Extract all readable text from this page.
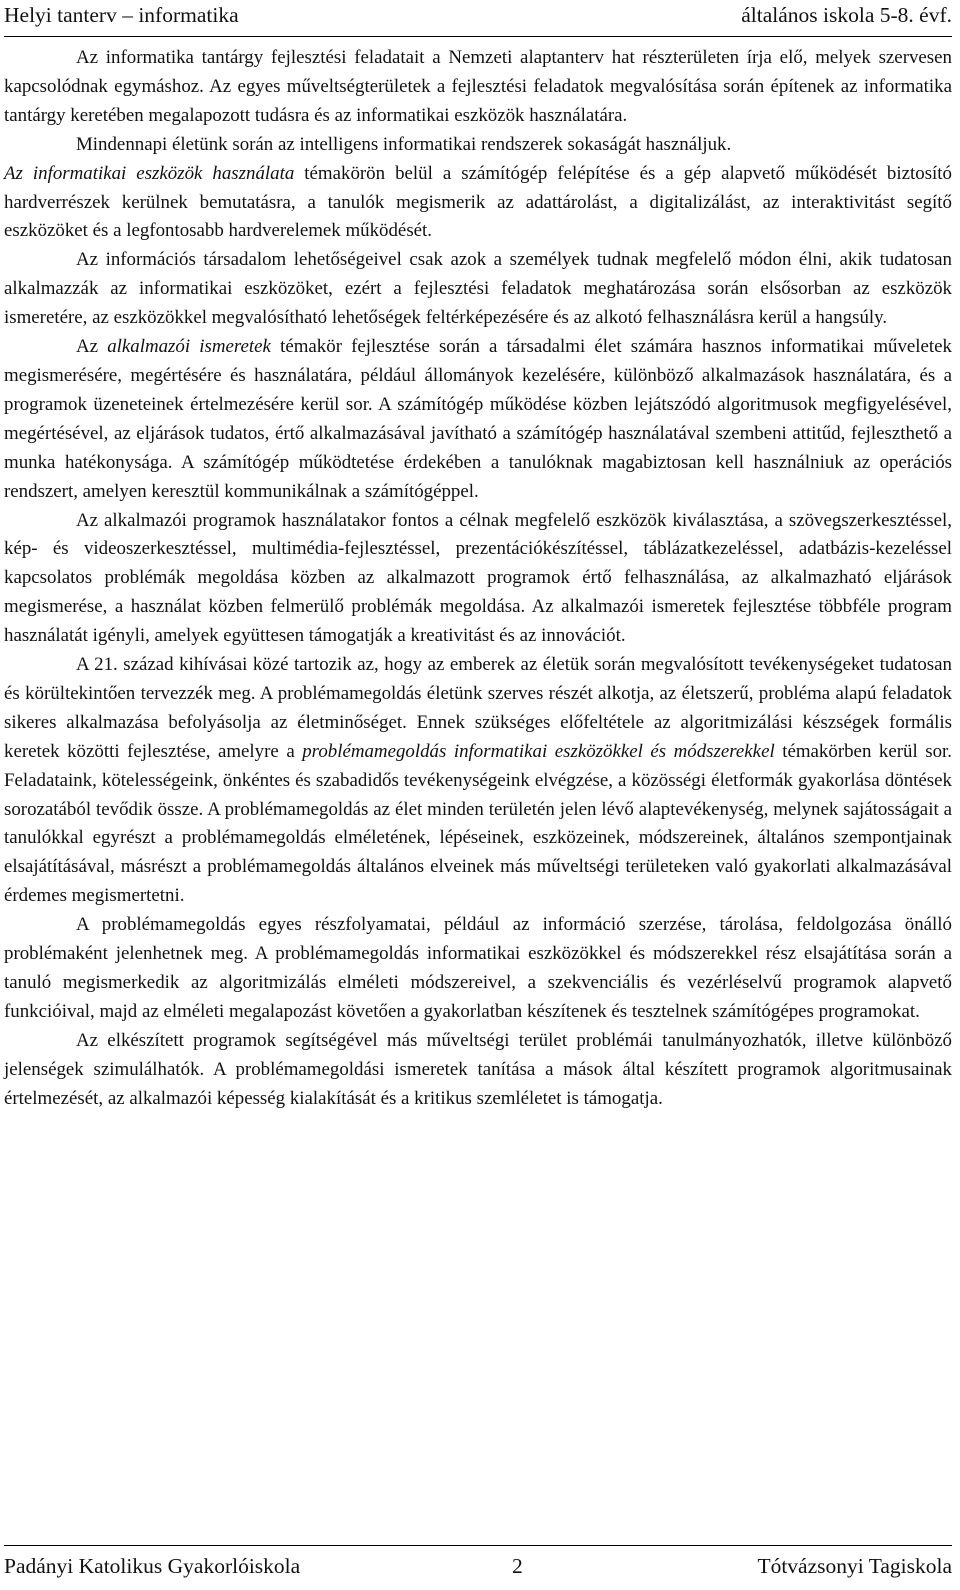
Helyi tanterv – informatika	általános iskola 5-8. évf.

Az informatika tantárgy fejlesztési feladatait a Nemzeti alaptanterv hat részterületen írja elő, melyek szervesen kapcsolódnak egymáshoz. Az egyes műveltségterületek a fejlesztési feladatok megvalósítása során építenek az informatika tantárgy keretében megalapozott tudásra és az informatikai eszközök használatára.

Mindennapi életünk során az intelligens informatikai rendszerek sokaságát használjuk.

Az informatikai eszközök használata témakörön belül a számítógép felépítése és a gép alapvető működését biztosító hardverrészek kerülnek bemutatásra, a tanulók megismerik az adattárolást, a digitalizálást, az interaktivitást segítő eszközöket és a legfontosabb hardverelemek működését.

Az információs társadalom lehetőségeivel csak azok a személyek tudnak megfelelő módon élni, akik tudatosan alkalmazzák az informatikai eszközöket, ezért a fejlesztési feladatok meghatározása során elsősorban az eszközök ismeretére, az eszközökkel megvalósítható lehetőségek feltérképezésére és az alkotó felhasználásra kerül a hangsúly.

Az alkalmazói ismeretek témakör fejlesztése során a társadalmi élet számára hasznos informatikai műveletek megismerésére, megértésére és használatára, például állományok kezelésére, különböző alkalmazások használatára, és a programok üzeneteinek értelmezésére kerül sor. A számítógép működése közben lejátszódó algoritmusok megfigyelésével, megértésével, az eljárások tudatos, értő alkalmazásával javítható a számítógép használatával szembeni attitűd, fejleszthető a munka hatékonysága. A számítógép működtetése érdekében a tanulóknak magabiztosan kell használniuk az operációs rendszert, amelyen keresztül kommunikálnak a számítógéppel.

Az alkalmazói programok használatakor fontos a célnak megfelelő eszközök kiválasztása, a szövegszerkesztéssel, kép- és videoszerkesztéssel, multimédia-fejlesztéssel, prezentációkészítéssel, táblázatkezeléssel, adatbázis-kezeléssel kapcsolatos problémák megoldása közben az alkalmazott programok értő felhasználása, az alkalmazható eljárások megismerése, a használat közben felmerülő problémák megoldása. Az alkalmazói ismeretek fejlesztése többféle program használatát igényli, amelyek együttesen támogatják a kreativitást és az innovációt.

A 21. század kihívásai közé tartozik az, hogy az emberek az életük során megvalósított tevékenységeket tudatosan és körültekintően tervezzék meg. A problémamegoldás életünk szerves részét alkotja, az életszerű, probléma alapú feladatok sikeres alkalmazása befolyásolja az életminőséget. Ennek szükséges előfeltétele az algoritmizálási készségek formális keretek közötti fejlesztése, amelyre a problémamegoldás informatikai eszközökkel és módszerekkel témakörben kerül sor. Feladataink, kötelességeink, önkéntes és szabadidős tevékenységeink elvégzése, a közösségi életformák gyakorlása döntések sorozatából tevődik össze. A problémamegoldás az élet minden területén jelen lévő alaptevékenység, melynek sajátosságait a tanulókkal egyrészt a problémamegoldás elméletének, lépéseinek, eszközeinek, módszereinek, általános szempontjainak elsajátításával, másrészt a problémamegoldás általános elveinek más műveltségi területeken való gyakorlati alkalmazásával érdemes megismertetni.

A problémamegoldás egyes részfolyamatai, például az információ szerzése, tárolása, feldolgozása önálló problémaként jelenhetnek meg. A problémamegoldás informatikai eszközökkel és módszerekkel rész elsajátítása során a tanuló megismerkedik az algoritmizálás elméleti módszereivel, a szekvenciális és vezérléselvű programok alapvető funkcióival, majd az elméleti megalapozást követően a gyakorlatban készítenek és tesztelnek számítógépes programokat.

Az elkészített programok segítségével más műveltségi terület problémái tanulmányozhatók, illetve különböző jelenségek szimulálhatók. A problémamegoldási ismeretek tanítása a mások által készített programok algoritmusainak értelmezését, az alkalmazói képesség kialakítását és a kritikus szemléletet is támogatja.

Padányi Katolikus Gyakorlóiskola	2	Tótvázsonyi Tagiskola
